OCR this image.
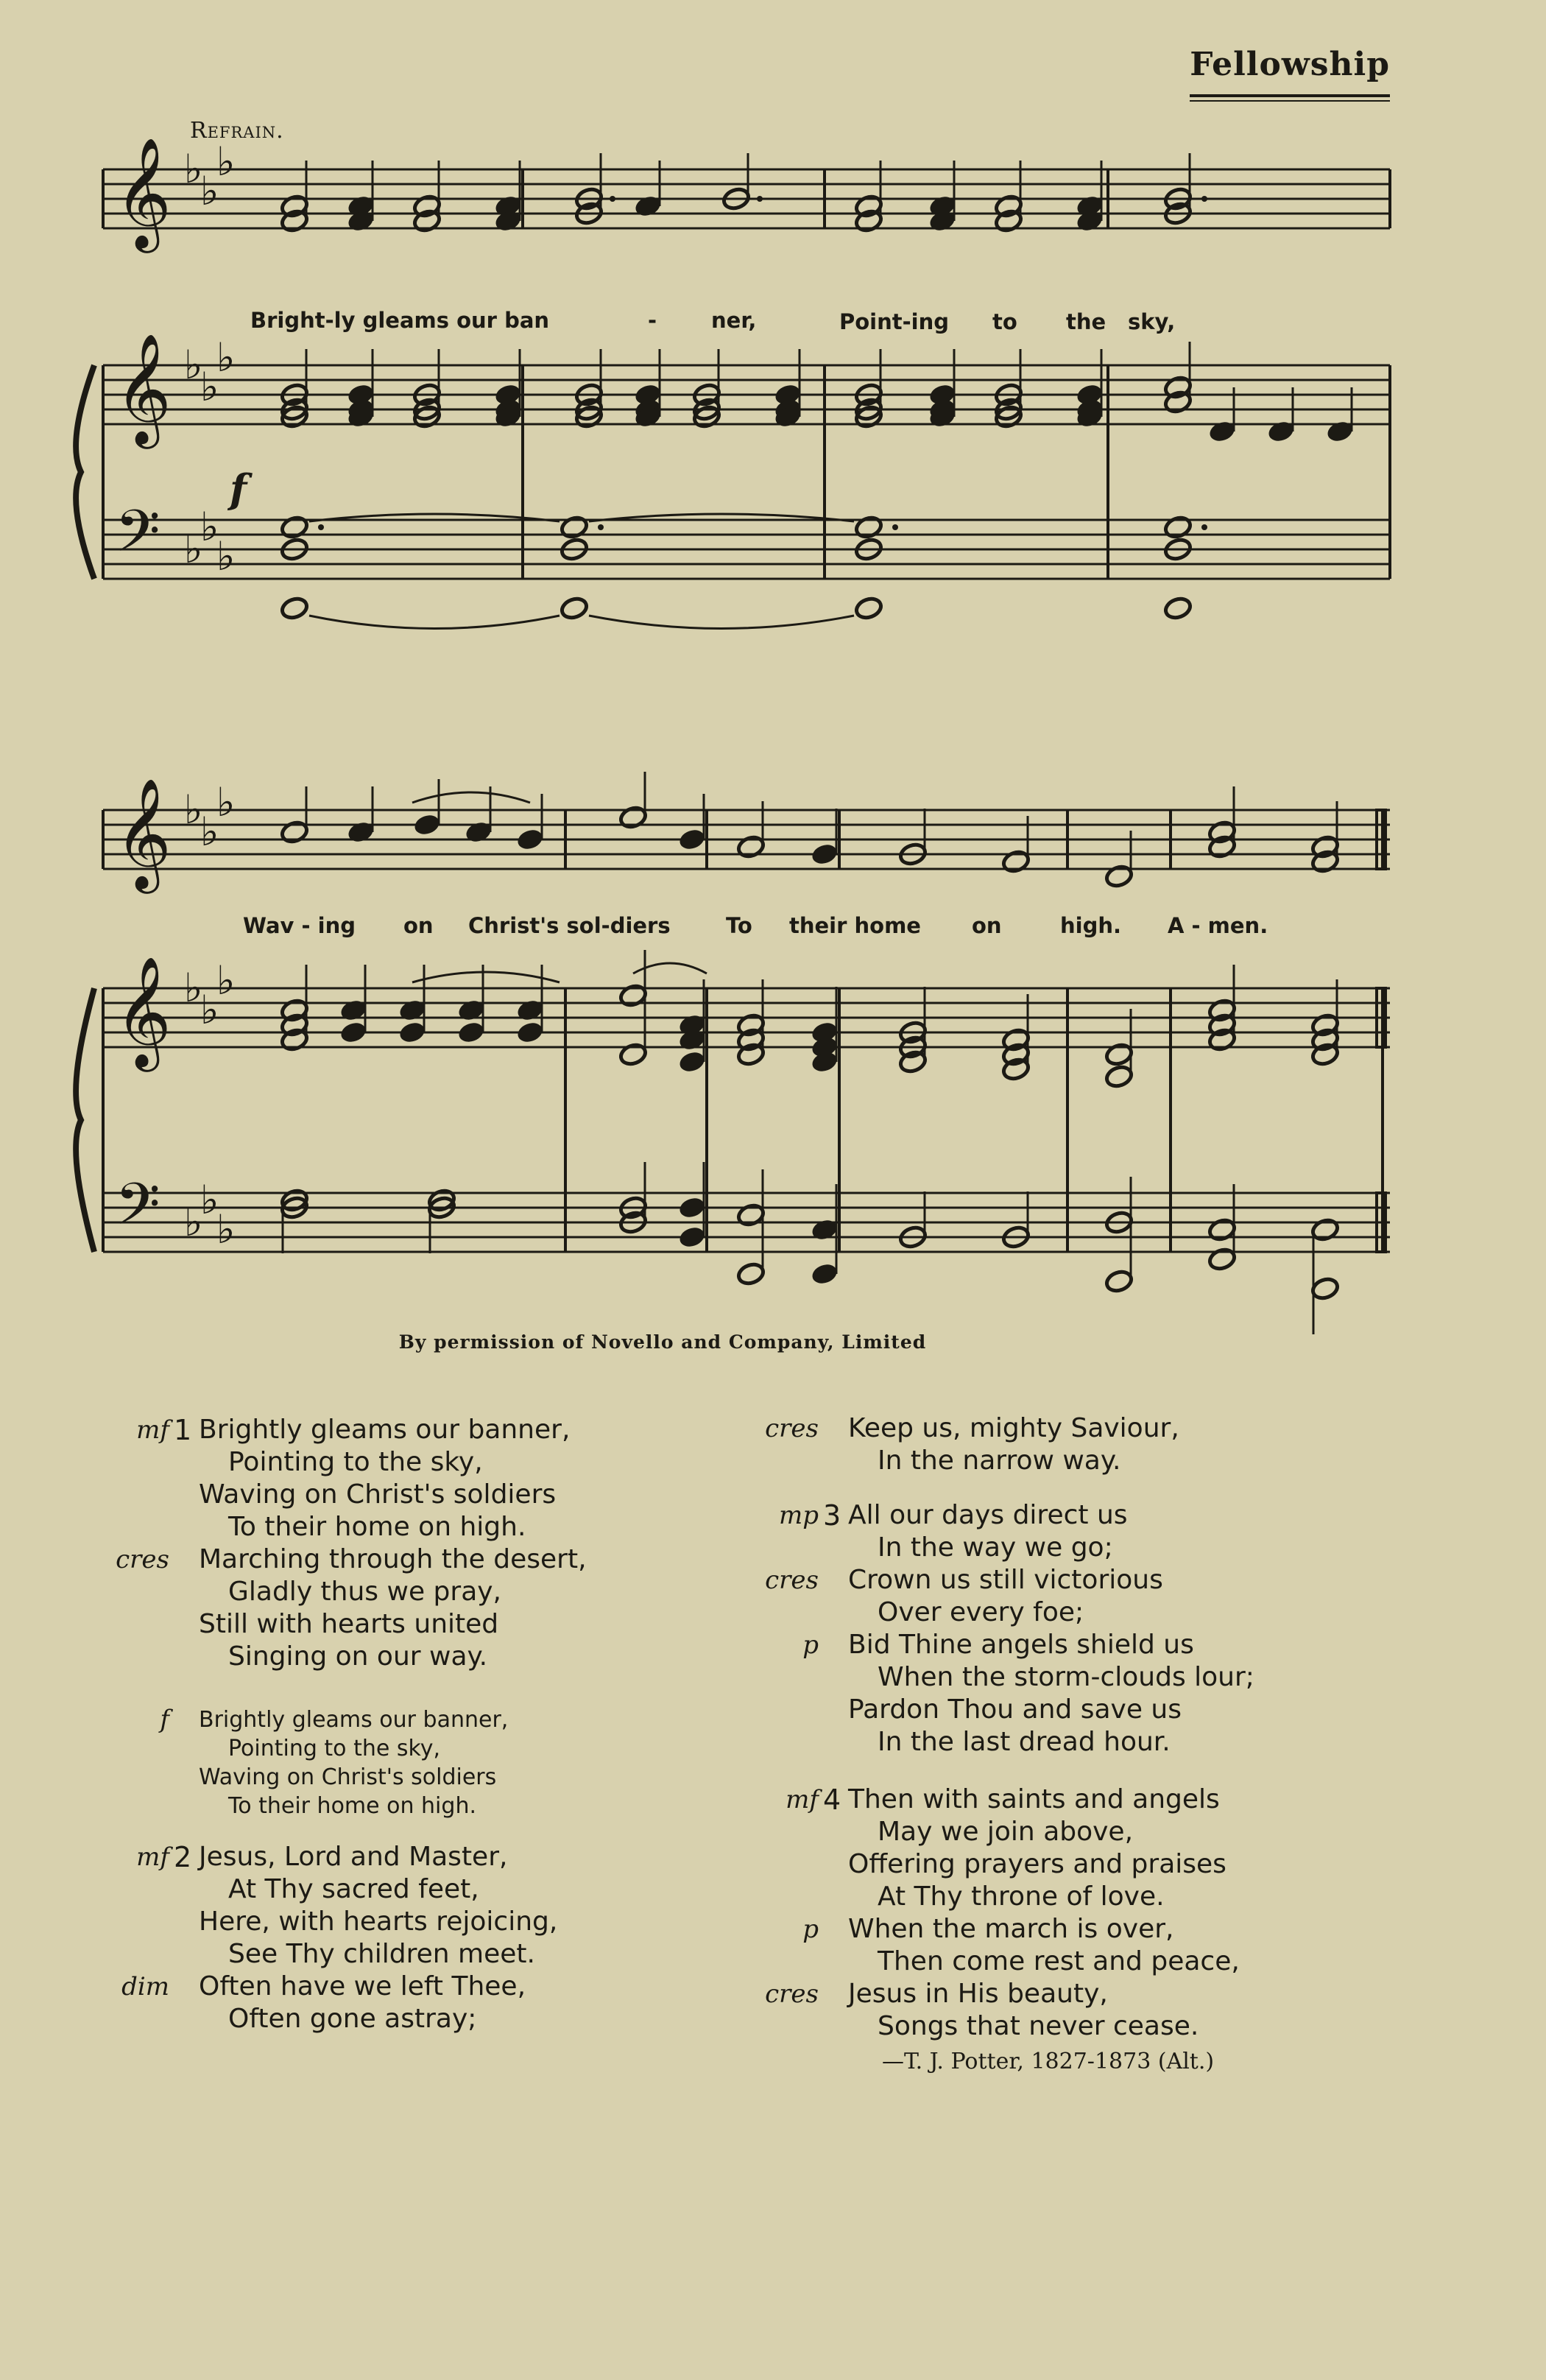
Fellowship
Refrain.
𝄞 ♭
♭
♭
𝄞 ♭
♭
♭
𝄢 ♭
♭
♭
𝄞 ♭
♭
♭
𝄞 ♭
♭
♭
𝄢 ♭
♭
♭
Bright-ly gleams our ban	-	ner,	Point-ing to the sky,
Wav - ing on Christ's sol-diers	To their home on	high. A - men.
f
By permission of Novello and Company, Limited
mf 1 Brightly gleams our banner,
Pointing to the sky,
Waving on Christ's soldiers
To their home on high.
cres Marching through the desert,
Gladly thus we pray,
Still with hearts united
Singing on our way.
f Brightly gleams our banner,
Pointing to the sky,
Waving on Christ's soldiers
To their home on high.
mf 2 Jesus, Lord and Master,
At Thy sacred feet,
Here, with hearts rejoicing,
See Thy children meet.
dim Often have we left Thee,
Often gone astray;
cres Keep us, mighty Saviour,
In the narrow way.
mp 3 All our days direct us
In the way we go;
cres Crown us still victorious
Over every foe;
p Bid Thine angels shield us
When the storm-clouds lour;
Pardon Thou and save us
In the last dread hour.
mf 4 Then with saints and angels
May we join above,
Offering prayers and praises
At Thy throne of love.
p When the march is over,
Then come rest and peace,
cres Jesus in His beauty,
Songs that never cease.
—T. J. Potter, 1827-1873 (Alt.)
